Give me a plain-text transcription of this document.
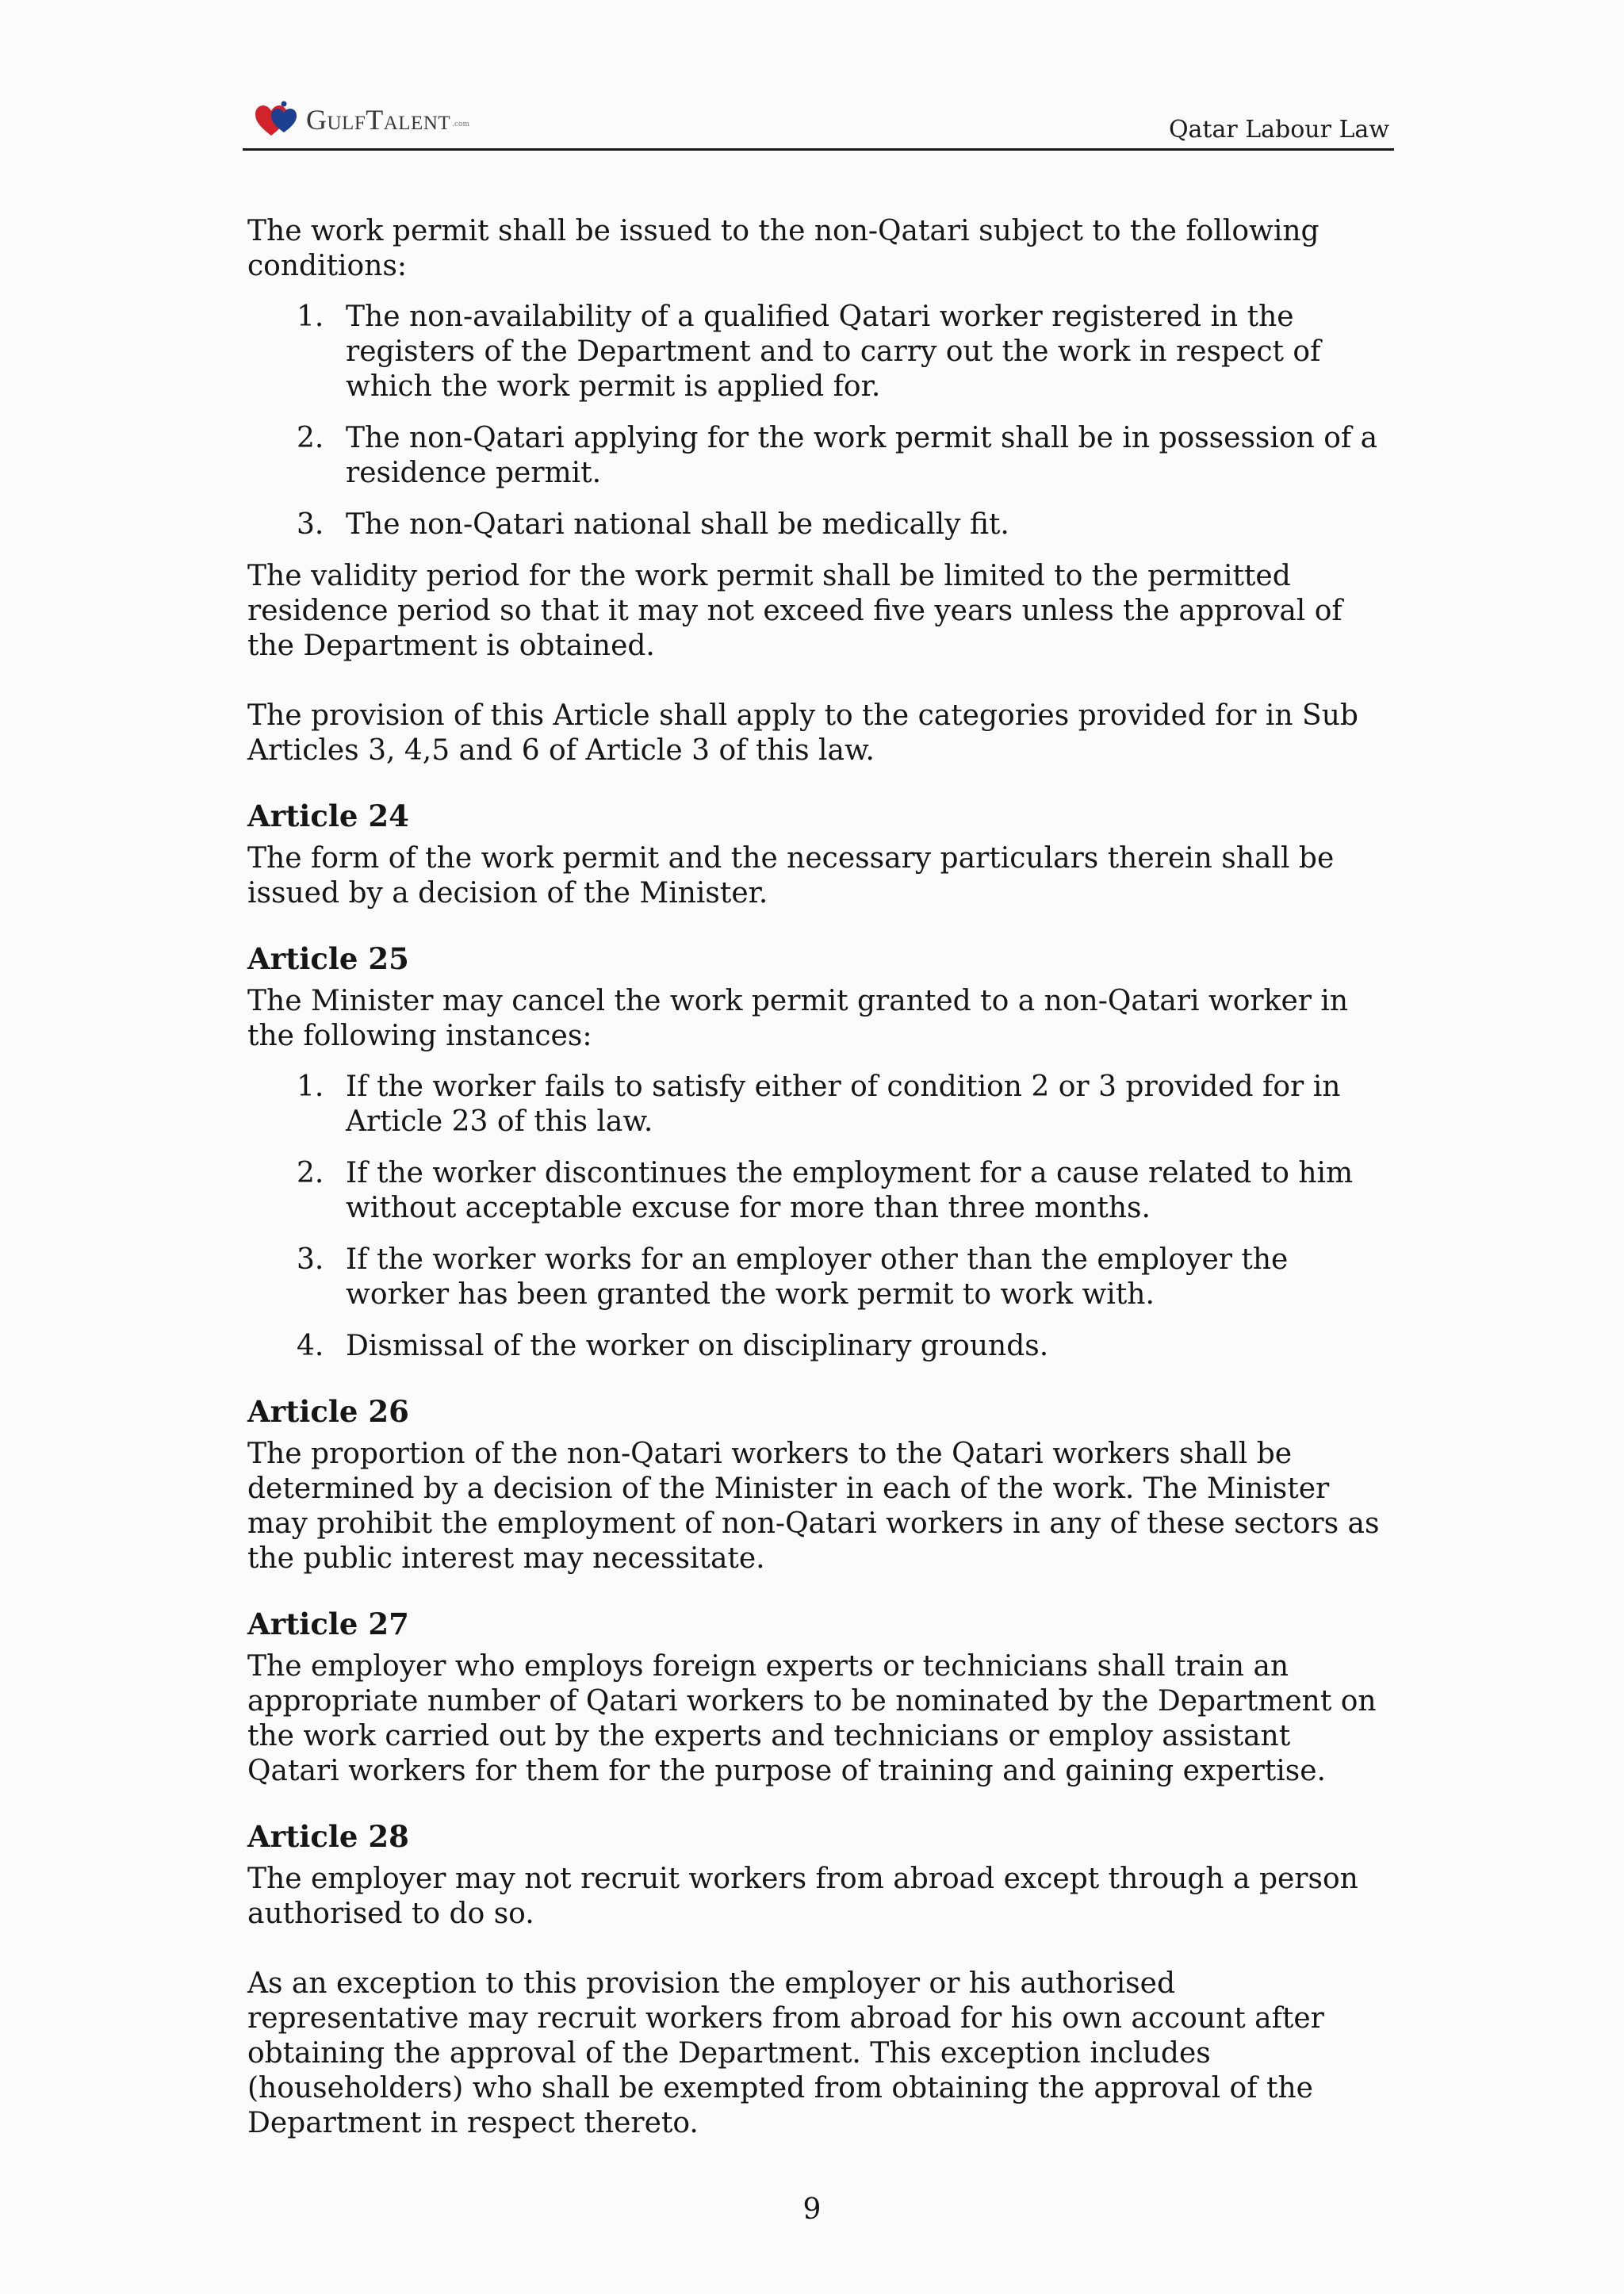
GulfTalent .com	Qatar Labour Law

The work permit shall be issued to the non-Qatari subject to the following conditions:

1. The non-availability of a qualified Qatari worker registered in the registers of the Department and to carry out the work in respect of which the work permit is applied for.
2. The non-Qatari applying for the work permit shall be in possession of a residence permit.
3. The non-Qatari national shall be medically fit.

The validity period for the work permit shall be limited to the permitted residence period so that it may not exceed five years unless the approval of the Department is obtained.

The provision of this Article shall apply to the categories provided for in Sub Articles 3, 4,5 and 6 of Article 3 of this law.

Article 24

The form of the work permit and the necessary particulars therein shall be issued by a decision of the Minister.

Article 25

The Minister may cancel the work permit granted to a non-Qatari worker in the following instances:

1. If the worker fails to satisfy either of condition 2 or 3 provided for in Article 23 of this law.
2. If the worker discontinues the employment for a cause related to him without acceptable excuse for more than three months.
3. If the worker works for an employer other than the employer the worker has been granted the work permit to work with.
4. Dismissal of the worker on disciplinary grounds.
Article 26

The proportion of the non-Qatari workers to the Qatari workers shall be determined by a decision of the Minister in each of the work. The Minister may prohibit the employment of non-Qatari workers in any of these sectors as the public interest may necessitate.

Article 27

The employer who employs foreign experts or technicians shall train an appropriate number of Qatari workers to be nominated by the Department on the work carried out by the experts and technicians or employ assistant Qatari workers for them for the purpose of training and gaining expertise.

Article 28

The employer may not recruit workers from abroad except through a person authorised to do so.

As an exception to this provision the employer or his authorised representative may recruit workers from abroad for his own account after obtaining the approval of the Department. This exception includes (householders) who shall be exempted from obtaining the approval of the Department in respect thereto.

9
